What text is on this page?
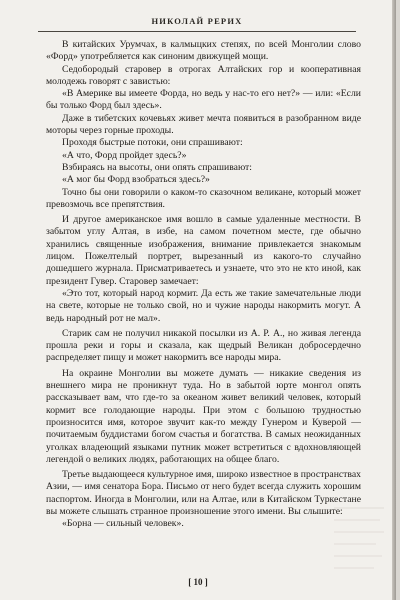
НИКОЛАЙ РЕРИХ

В китайских Урумчах, в калмыцких степях, по всей Монголии слово «Форд» употребляется как синоним движущей мощи.

Седобородый старовер в отрогах Алтайских гор и кооперативная молодежь говорят с завистью:

«В Америке вы имеете Форда, но ведь у нас-то его нет?» — или: «Если бы только Форд был здесь».

Даже в тибетских кочевьях живет мечта появиться в разобранном виде моторы через горные проходы.

Проходя быстрые потоки, они спрашивают:

«А что, Форд пройдет здесь?»

Взбираясь на высоты, они опять спрашивают:

«А мог бы Форд взобраться здесь?»

Точно бы они говорили о каком-то сказочном великане, который может превозмочь все препятствия.

И другое американское имя вошло в самые удаленные местности. В забытом углу Алтая, в избе, на самом почетном месте, где обычно хранились священные изображения, внимание привлекается знакомым лицом. Пожелтелый портрет, вырезанный из какого-то случайно дошедшего журнала. Присматриваетесь и узнаете, что это не кто иной, как президент Гувер. Старовер замечает:

«Это тот, который народ кормит. Да есть же такие замечательные люди на свете, которые не только свой, но и чужие народы накормить могут. А ведь народный рот не мал».

Старик сам не получил никакой посылки из А. Р. А., но живая легенда прошла реки и горы и сказала, как щедрый Великан добросердечно распределяет пищу и может накормить все народы мира.

На окраине Монголии вы можете думать — никакие сведения из внешнего мира не проникнут туда. Но в забытой юрте монгол опять рассказывает вам, что где-то за океаном живет великий человек, который кормит все голодающие народы. При этом с большою трудностью произносится имя, которое звучит как-то между Гунером и Куверой — почитаемым буддистами богом счастья и богатства. В самых неожиданных уголках владеющий языками путник может встретиться с вдохновляющей легендой о великих людях, работающих на общее благо.

Третье выдающееся культурное имя, широко известное в пространствах Азии, — имя сенатора Бора. Письмо от него будет всегда служить хорошим паспортом. Иногда в Монголии, или на Алтае, или в Китайском Туркестане вы можете слышать странное произношение этого имени. Вы слышите:

«Борна — сильный человек».

[ 10 ]
